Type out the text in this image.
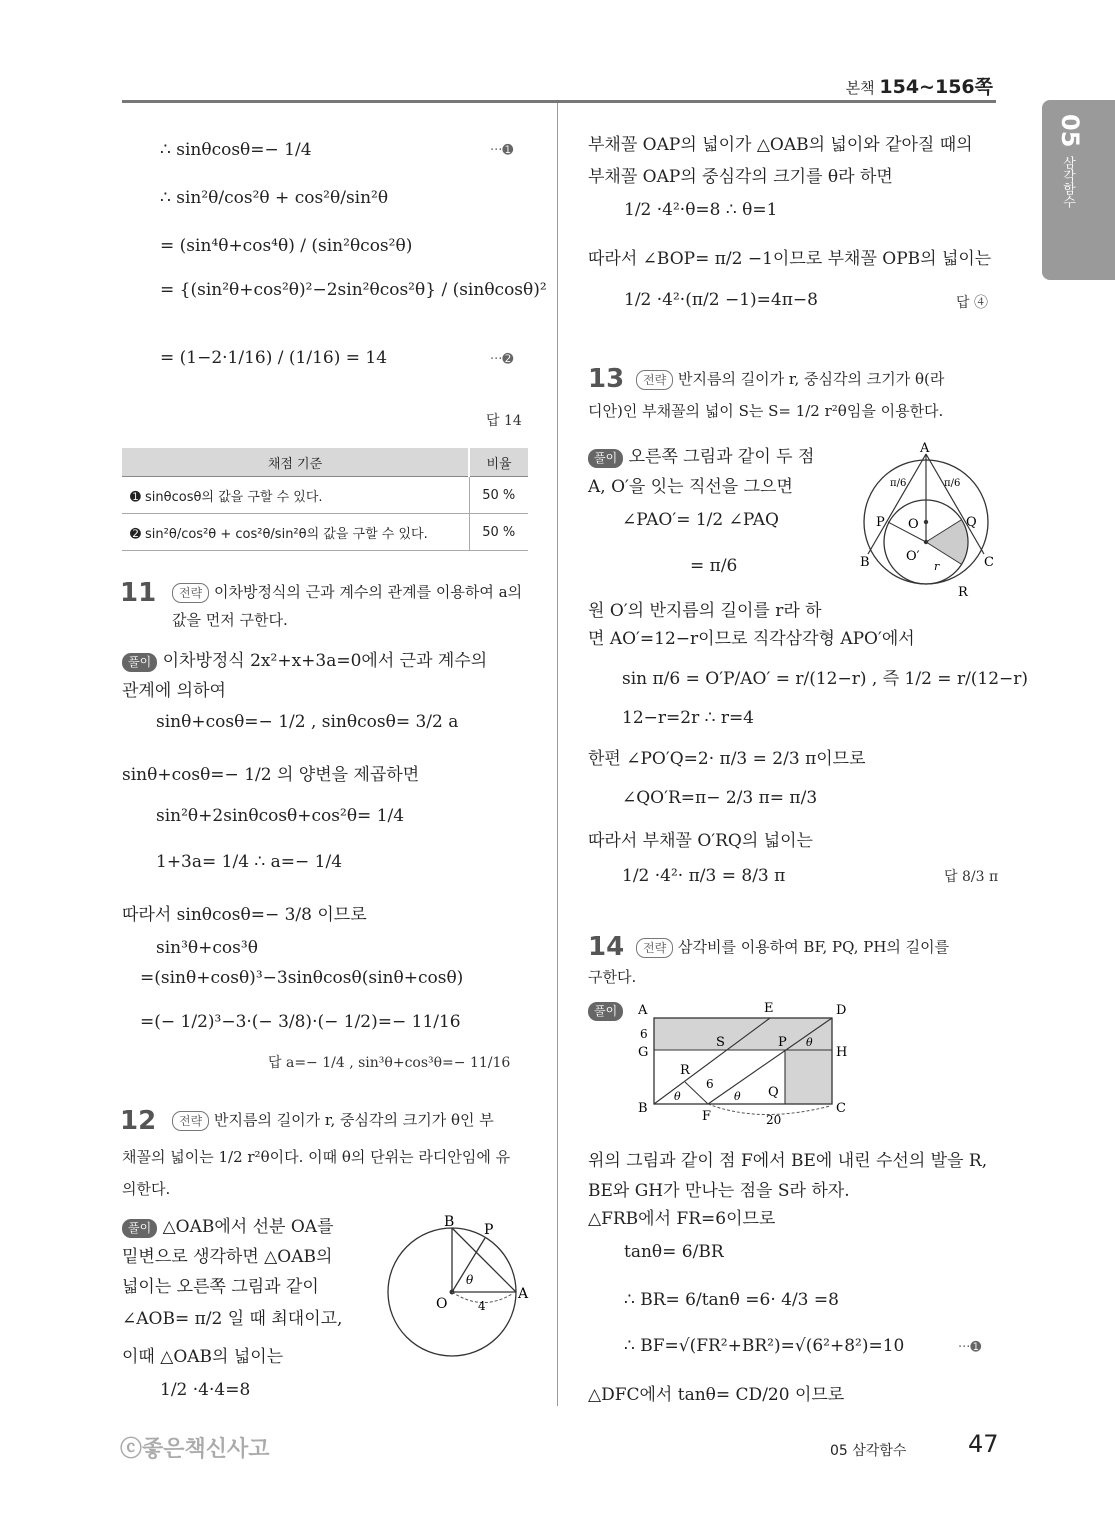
본책 154~156쪽
05
삼각함수
∴ sinθcosθ=− 1/4	···➊
∴ sin²θ/cos²θ + cos²θ/sin²θ
= (sin⁴θ+cos⁴θ) / (sin²θcos²θ)
= {(sin²θ+cos²θ)²−2sin²θcos²θ} / (sinθcosθ)²
= (1−2·1/16) / (1/16) = 14	···➋
답 14
채점 기준	비율
➊ sinθcosθ의 값을 구할 수 있다.	50 %
➋ sin²θ/cos²θ + cos²θ/sin²θ의 값을 구할 수 있다.	50 %
11	전략 이차방정식의 근과 계수의 관계를 이용하여 a의 값을 먼저 구한다.
풀이 이차방정식 2x²+x+3a=0에서 근과 계수의
관계에 의하여
sinθ+cosθ=− 1/2 , sinθcosθ= 3/2 a
sinθ+cosθ=− 1/2 의 양변을 제곱하면
sin²θ+2sinθcosθ+cos²θ= 1/4
1+3a= 1/4 ∴ a=− 1/4
따라서 sinθcosθ=− 3/8 이므로
sin³θ+cos³θ
=(sinθ+cosθ)³−3sinθcosθ(sinθ+cosθ)
=(− 1/2)³−3·(− 3/8)·(− 1/2)=− 11/16
답 a=− 1/4 , sin³θ+cos³θ=− 11/16
12	전략 반지름의 길이가 r, 중심각의 크기가 θ인 부
채꼴의 넓이는 1/2 r²θ이다. 이때 θ의 단위는 라디안임에 유
의한다.
풀이 △OAB에서 선분 OA를
밑변으로 생각하면 △OAB의
넓이는 오른쪽 그림과 같이
∠AOB= π/2 일 때 최대이고,
이때 △OAB의 넓이는
1/2 ·4·4=8
B P
O
A
θ
4
부채꼴 OAP의 넓이가 △OAB의 넓이와 같아질 때의
부채꼴 OAP의 중심각의 크기를 θ라 하면
1/2 ·4²·θ=8 ∴ θ=1
따라서 ∠BOP= π/2 −1이므로 부채꼴 OPB의 넓이는
1/2 ·4²·(π/2 −1)=4π−8	답 ④
13	전략 반지름의 길이가 r, 중심각의 크기가 θ(라
디안)인 부채꼴의 넓이 S는 S= 1/2 r²θ임을 이용한다.
풀이 오른쪽 그림과 같이 두 점
A, O′을 잇는 직선을 그으면
∠PAO′= 1/2 ∠PAQ
= π/6
원 O′의 반지름의 길이를 r라 하
면 AO′=12−r이므로 직각삼각형 APO′에서
sin π/6 = O′P/AO′ = r/(12−r) , 즉 1/2 = r/(12−r)
12−r=2r ∴ r=4
한편 ∠PO′Q=2· π/3 = 2/3 π이므로
∠QO′R=π− 2/3 π= π/3
따라서 부채꼴 O′RQ의 넓이는
1/2 ·4²· π/3 = 8/3 π	답 8/3 π
A
P O	Q
B	O′	C
R
r
π/6	π/6
14	전략 삼각비를 이용하여 BF, PQ, PH의 길이를
구한다.
풀이	A	E	D
G
S	P
H
R
Q
B
F
C
6
6
20
θ	θ
θ
위의 그림과 같이 점 F에서 BE에 내린 수선의 발을 R,
BE와 GH가 만나는 점을 S라 하자.
△FRB에서 FR=6이므로
tanθ= 6/BR
∴ BR= 6/tanθ =6· 4/3 =8
∴ BF=√(FR²+BR²)=√(6²+8²)=10	···➊
△DFC에서 tanθ= CD/20 이므로
ⓒ좋은책신사고	05 삼각함수	47
